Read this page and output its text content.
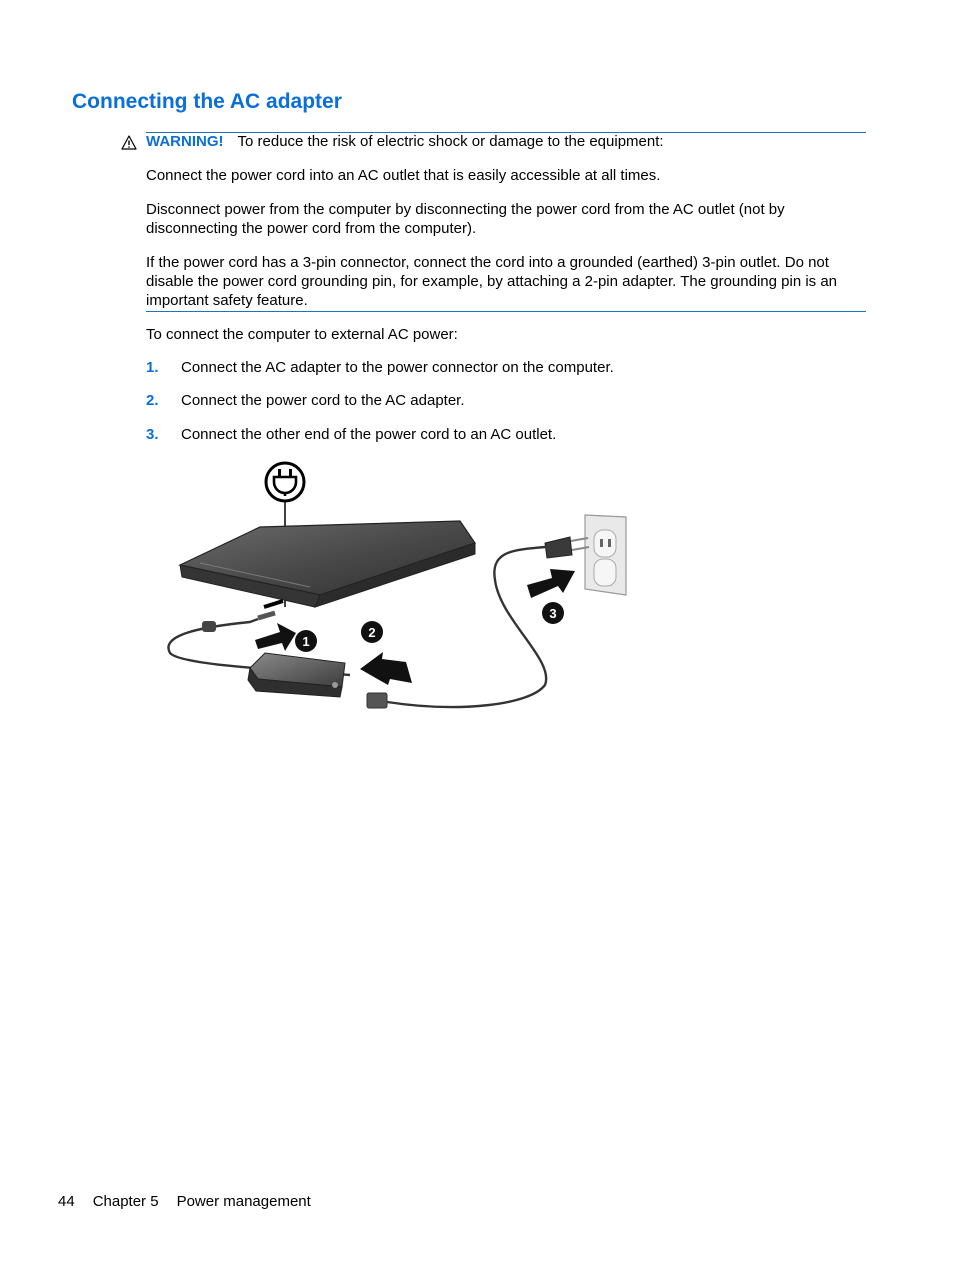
Connecting the AC adapter
WARNING! To reduce the risk of electric shock or damage to the equipment:

Connect the power cord into an AC outlet that is easily accessible at all times.

Disconnect power from the computer by disconnecting the power cord from the AC outlet (not by disconnecting the power cord from the computer).

If the power cord has a 3-pin connector, connect the cord into a grounded (earthed) 3-pin outlet. Do not disable the power cord grounding pin, for example, by attaching a 2-pin adapter. The grounding pin is an important safety feature.

To connect the computer to external AC power:

1. Connect the AC adapter to the power connector on the computer.
2. Connect the power cord to the AC adapter.
3. Connect the other end of the power cord to an AC outlet.
1
2
3
44 Chapter 5 Power management
